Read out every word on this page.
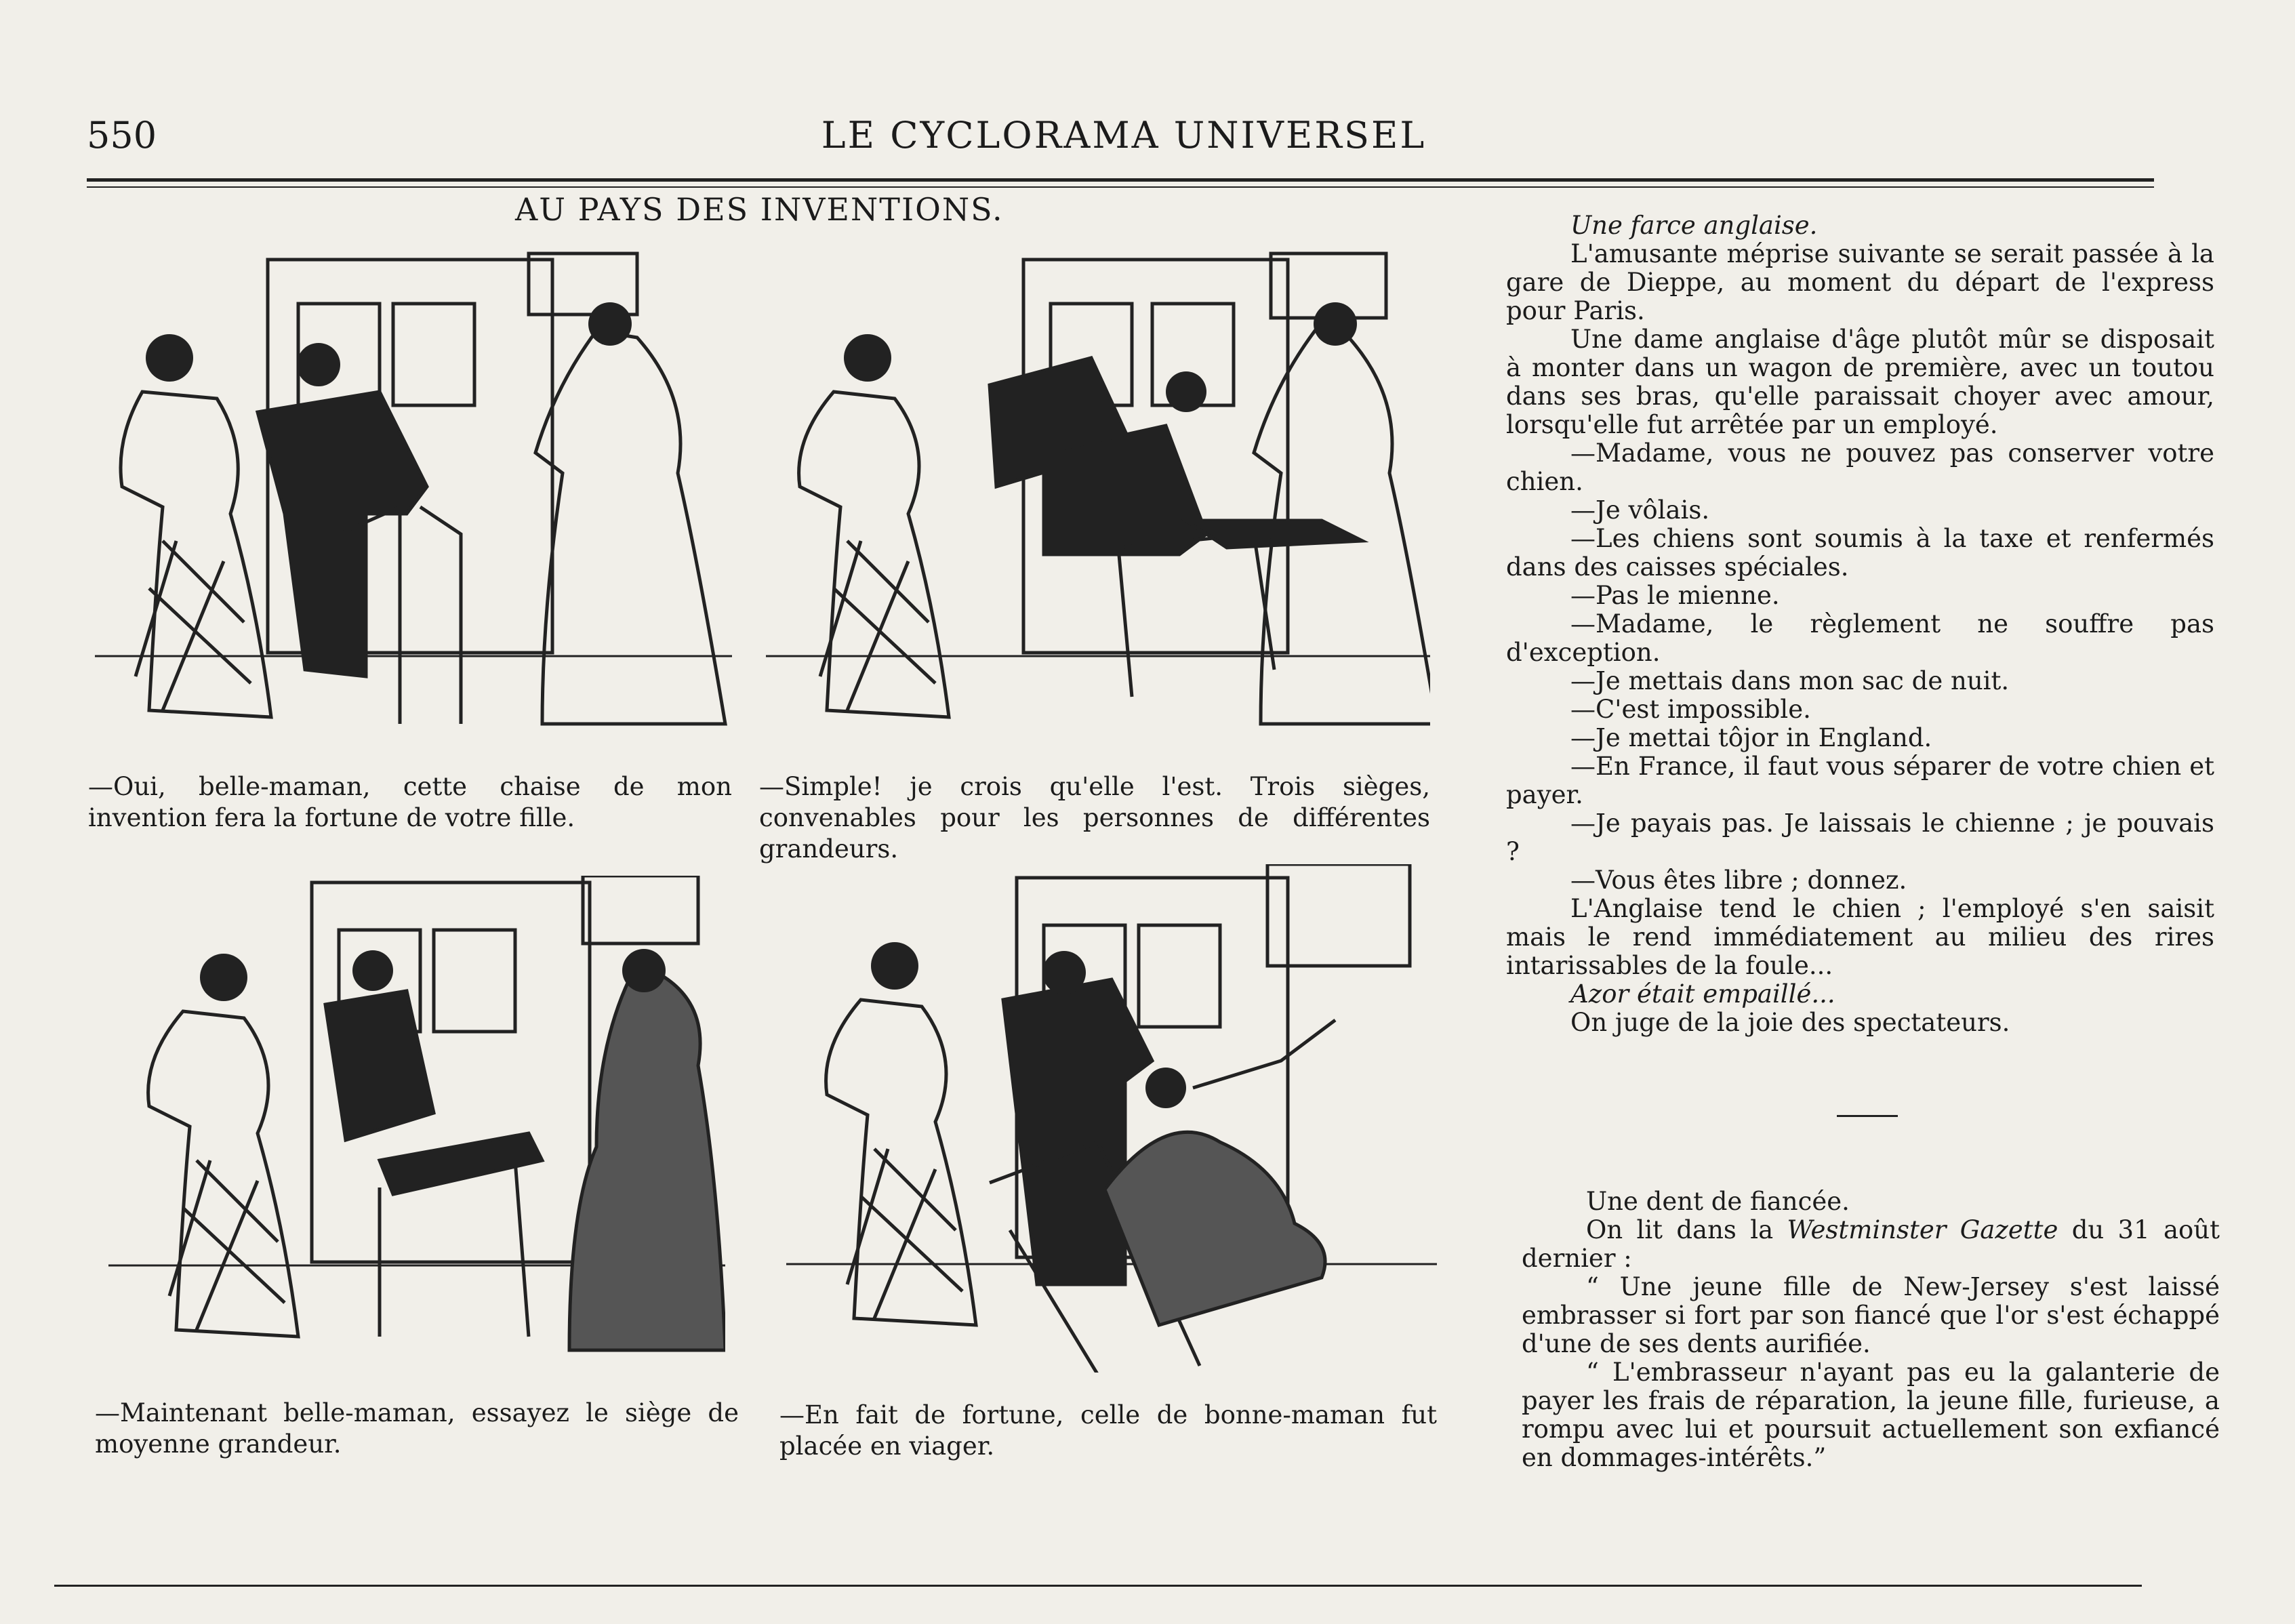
550	LE CYCLORAMA UNIVERSEL
AU PAYS DES INVENTIONS.
—Oui, belle-maman, cette chaise de mon invention fera la fortune de votre fille.
—Simple! je crois qu'elle l'est. Trois sièges, convenables pour les personnes de différentes grandeurs.
—Maintenant belle-maman, essayez le siège de moyenne grandeur.
—En fait de fortune, celle de bonne-maman fut placée en viager.

Une farce anglaise.

L'amusante méprise suivante se serait passée à la gare de Dieppe, au moment du départ de l'express pour Paris.

Une dame anglaise d'âge plutôt mûr se disposait à monter dans un wagon de première, avec un toutou dans ses bras, qu'elle paraissait choyer avec amour, lorsqu'elle fut arrêtée par un employé.

—Madame, vous ne pouvez pas conserver votre chien.

—Je vôlais.

—Les chiens sont soumis à la taxe et renfermés dans des caisses spéciales.

—Pas le mienne.

—Madame, le règlement ne souffre pas d'exception.

—Je mettais dans mon sac de nuit.

—C'est impossible.

—Je mettai tôjor in England.

—En France, il faut vous séparer de votre chien et payer.

—Je payais pas. Je laissais le chienne ; je pouvais ?

—Vous êtes libre ; donnez.

L'Anglaise tend le chien ; l'employé s'en saisit mais le rend immédiatement au milieu des rires intarissables de la foule...

Azor était empaillé...

On juge de la joie des spectateurs.

Une dent de fiancée.

On lit dans la Westminster Gazette du 31 août dernier :

“ Une jeune fille de New-Jersey s'est laissé embrasser si fort par son fiancé que l'or s'est échappé d'une de ses dents aurifiée.

“ L'embrasseur n'ayant pas eu la galanterie de payer les frais de réparation, la jeune fille, furieuse, a rompu avec lui et poursuit actuellement son exfiancé en dommages-intérêts.”
